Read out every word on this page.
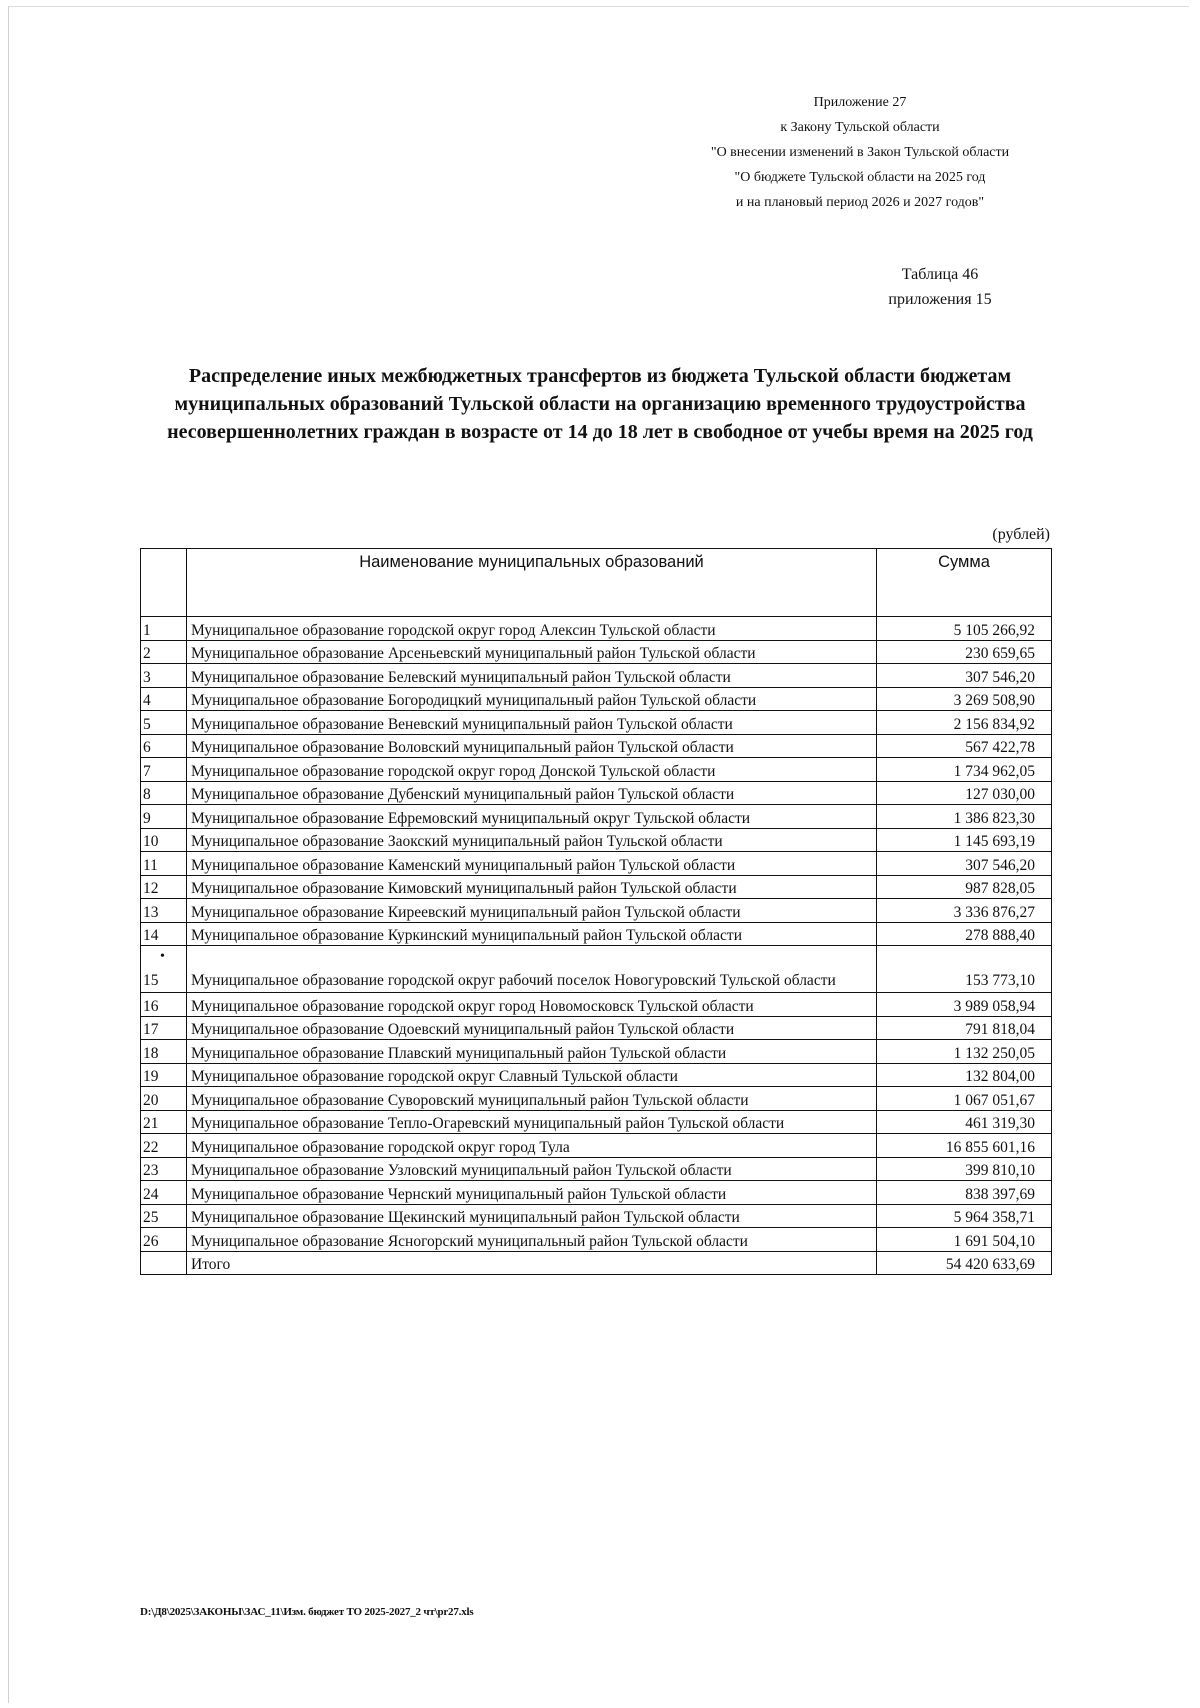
Приложение 27
к Закону Тульской области
"О внесении изменений в Закон Тульской области
"О бюджете Тульской области на 2025 год
и на плановый период 2026 и 2027 годов"
Таблица 46
приложения 15
Распределение иных межбюджетных трансфертов из бюджета Тульской области бюджетам муниципальных образований Тульской области на организацию временного трудоустройства несовершеннолетних граждан в возрасте от 14 до 18 лет в свободное от учебы время на 2025 год
(рублей)
	Наименование муниципальных образований	Сумма
1	Муниципальное образование городской округ город Алексин Тульской области	5 105 266,92
2	Муниципальное образование Арсеньевский муниципальный район Тульской области	230 659,65
3	Муниципальное образование Белевский муниципальный район Тульской области	307 546,20
4	Муниципальное образование Богородицкий муниципальный район Тульской области	3 269 508,90
5	Муниципальное образование Веневский муниципальный район Тульской области	2 156 834,92
6	Муниципальное образование Воловский муниципальный район Тульской области	567 422,78
7	Муниципальное образование городской округ город Донской Тульской области	1 734 962,05
8	Муниципальное образование Дубенский муниципальный район Тульской области	127 030,00
9	Муниципальное образование Ефремовский муниципальный округ Тульской области	1 386 823,30
10	Муниципальное образование Заокский муниципальный район Тульской области	1 145 693,19
11	Муниципальное образование Каменский муниципальный район Тульской области	307 546,20
12	Муниципальное образование Кимовский муниципальный район Тульской области	987 828,05
13	Муниципальное образование Киреевский муниципальный район Тульской области	3 336 876,27
14	Муниципальное образование Куркинский муниципальный район Тульской области	278 888,40

•
15	Муниципальное образование городской округ рабочий поселок Новогуровский Тульской области	153 773,10
16	Муниципальное образование городской округ город Новомосковск Тульской области	3 989 058,94
17	Муниципальное образование Одоевский муниципальный район Тульской области	791 818,04
18	Муниципальное образование Плавский муниципальный район Тульской области	1 132 250,05
19	Муниципальное образование городской округ Славный Тульской области	132 804,00
20	Муниципальное образование Суворовский муниципальный район Тульской области	1 067 051,67
21	Муниципальное образование Тепло-Огаревский муниципальный район Тульской области	461 319,30
22	Муниципальное образование городской округ город Тула	16 855 601,16
23	Муниципальное образование Узловский муниципальный район Тульской области	399 810,10
24	Муниципальное образование Чернский муниципальный район Тульской области	838 397,69
25	Муниципальное образование Щекинский муниципальный район Тульской области	5 964 358,71
26	Муниципальное образование Ясногорский муниципальный район Тульской области	1 691 504,10
	Итого	54 420 633,69
D:\Д8\2025\ЗАКОНЫ\ЗАС_11\Изм. бюджет ТО 2025-2027_2 чт\pr27.xls
